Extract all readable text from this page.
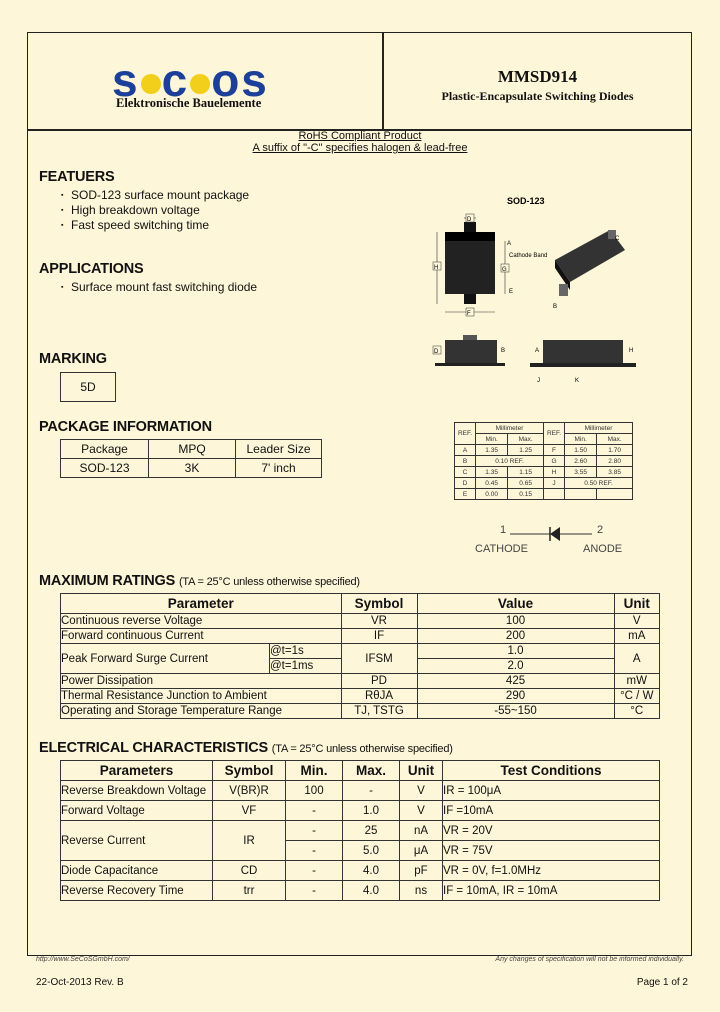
s c os
Elektronische Bauelemente
MMSD914
Plastic-Encapsulate Switching Diodes
RoHS Compliant Product
A suffix of "-C" specifies halogen & lead-free
FEATUERS
▪ SOD-123 surface mount package
▪ High breakdown voltage
▪ Fast speed switching time
APPLICATIONS
▪ Surface mount fast switching diode
MARKING
5D
PACKAGE INFORMATION
Package	MPQ	Leader Size
SOD-123	3K	7' inch
SOD-123
H
D
G
F
A
Cathode Band
E
C
B
D	B	A	H
J	K
REF.	Millimeter		REF.	Millimeter	
	Min.	Max.		Min.	Max.
A	1.35	1.25	F	1.50	1.70
B	0.10 REF.		G	2.60	2.80
C	1.35	1.15	H	3.55	3.85
D	0.45	0.65	J	0.50 REF.	
E	0.00	0.15			
1	2
CATHODE	ANODE
MAXIMUM RATINGS (TA = 25°C unless otherwise specified)
Parameter		Symbol	Value	Unit
Continuous reverse Voltage		VR	100	V
Forward continuous Current		IF	200	mA
Peak Forward Surge Current	@t=1s	IFSM	1.0	A
	@t=1ms		2.0	
Power Dissipation		PD	425	mW
Thermal Resistance Junction to Ambient		RθJA	290	°C / W
Operating and Storage Temperature Range		TJ, TSTG	-55~150	°C
ELECTRICAL CHARACTERISTICS (TA = 25°C unless otherwise specified)
Parameters	Symbol	Min.	Max.	Unit	Test Conditions
Reverse Breakdown Voltage	V(BR)R	100	-	V	IR = 100μA
Forward Voltage	VF	-	1.0	V	IF =10mA
Reverse Current	IR	-	25	nA	VR = 20V
		-	5.0	μA	VR = 75V
Diode Capacitance	CD	-	4.0	pF	VR = 0V, f=1.0MHz
Reverse Recovery Time	trr	-	4.0	ns	IF = 10mA, IR = 10mA
http://www.SeCoSGmbH.com/	Any changes of specification will not be informed individually.
22-Oct-2013 Rev. B	Page 1 of 2
